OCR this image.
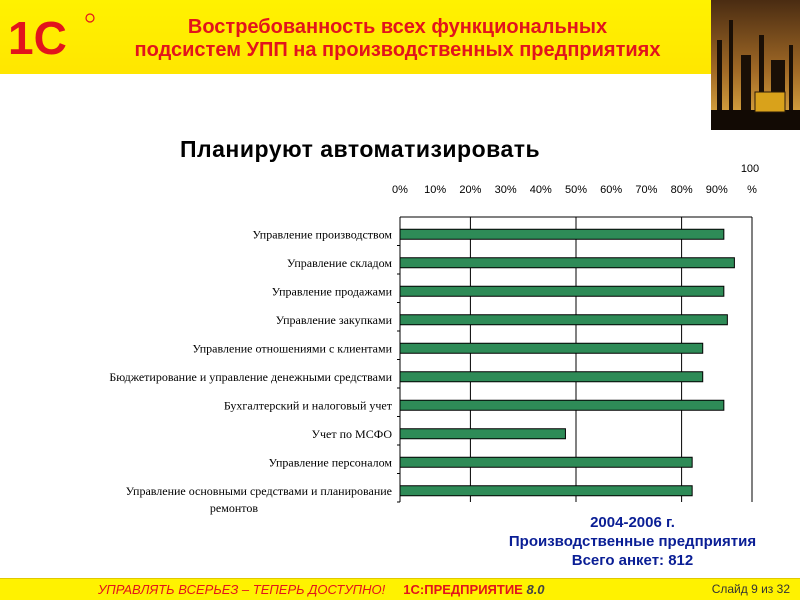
1С	Востребованность всех функциональных
подсистем УПП на производственных предприятиях
Планируют автоматизировать
0% 10% 20% 30% 40% 50% 60% 70% 80% 90% %
100
Управление производством
Управление складом
Управление продажами
Управление закупками
Управление отношениями с клиентами
Бюджетирование и управление денежными средствами
Бухгалтерский и налоговый учет
Учет по МСФО
Управление персоналом
Управление основными средствами и планирование
ремонтов
2004-2006 г.
Производственные предприятия
Всего анкет: 812
УПРАВЛЯТЬ ВСЕРЬЕЗ – ТЕПЕРЬ ДОСТУПНО! 1С:ПРЕДПРИЯТИЕ 8.0	Слайд 9 из 32
